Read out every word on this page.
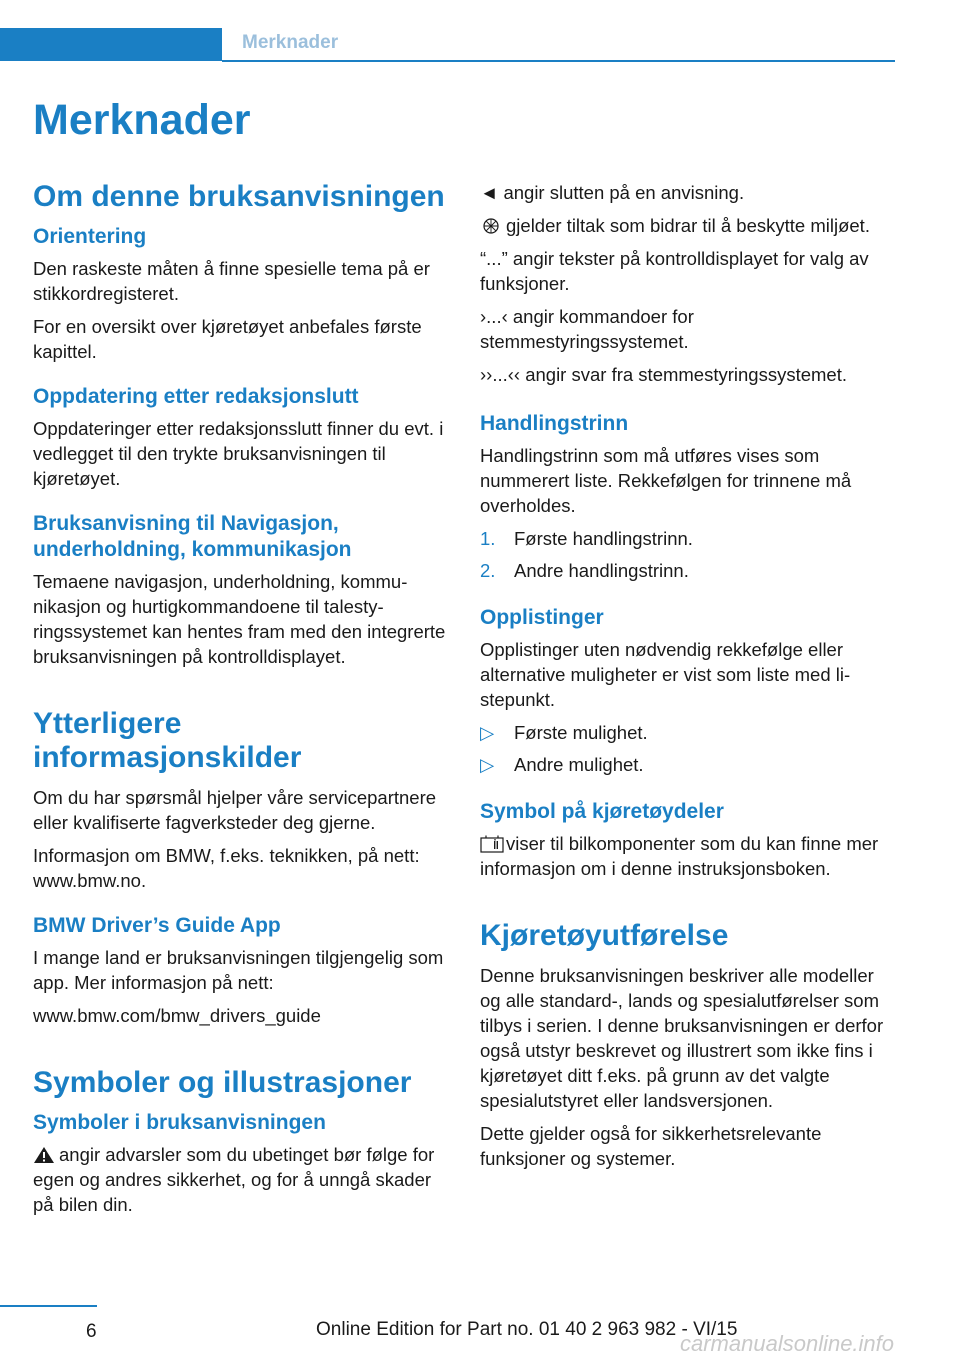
Merknader
Merknader
Om denne bruksanvisningen
Orientering

Den raskeste måten å finne spesielle tema på er stikkordregisteret.

For en oversikt over kjøretøyet anbefales første kapittel.

Oppdatering etter redaksjonslutt

Oppdateringer etter redaksjonsslutt finner du evt. i vedlegget til den trykte bruksanvisningen til kjøretøyet.

Bruksanvisning til Navigasjon, underholdning, kommunikasjon

Temaene navigasjon, underholdning, kommunikasjon og hurtigkommandoene til talestyringssystemet kan hentes fram med den integrerte bruksanvisningen på kontrolldisplayet.

Ytterligere informasjonskilder

Om du har spørsmål hjelper våre servicepartnere eller kvalifiserte fagverksteder deg gjerne.

Informasjon om BMW, f.eks. teknikken, på nett: www.bmw.no.

BMW Driver’s Guide App

I mange land er bruksanvisningen tilgjengelig som app. Mer informasjon på nett:

www.bmw.com/bmw_drivers_guide

Symboler og illustrasjoner
Symboler i bruksanvisningen

angir advarsler som du ubetinget bør følge for egen og andres sikkerhet, og for å unngå skader på bilen din.

◄ angir slutten på en anvisning.

gjelder tiltak som bidrar til å beskytte miljøet.

“...” angir tekster på kontrolldisplayet for valg av funksjoner.

›...‹ angir kommandoer for stemmestyringssystemet.

››...‹‹ angir svar fra stemmestyringssystemet.

Handlingstrinn

Handlingstrinn som må utføres vises som nummerert liste. Rekkefølgen for trinnene må overholdes.

1. Første handlingstrinn.
2. Andre handlingstrinn.
Opplistinger

Opplistinger uten nødvendig rekkefølge eller alternative muligheter er vist som liste med listepunkt.

▷ Første mulighet.
▷ Andre mulighet.
Symbol på kjøretøydeler

viser til bilkomponenter som du kan finne mer informasjon om i denne instruksjonsboken.

Kjøretøyutførelse

Denne bruksanvisningen beskriver alle modeller og alle standard-, lands og spesialutførelser som tilbys i serien. I denne bruksanvisningen er derfor også utstyr beskrevet og illustrert som ikke fins i kjøretøyet ditt f.eks. på grunn av det valgte spesialutstyret eller landsversjonen.

Dette gjelder også for sikkerhetsrelevante funksjoner og systemer.

6	Online Edition for Part no. 01 40 2 963 982 - VI/15
carmanualsonline.info
